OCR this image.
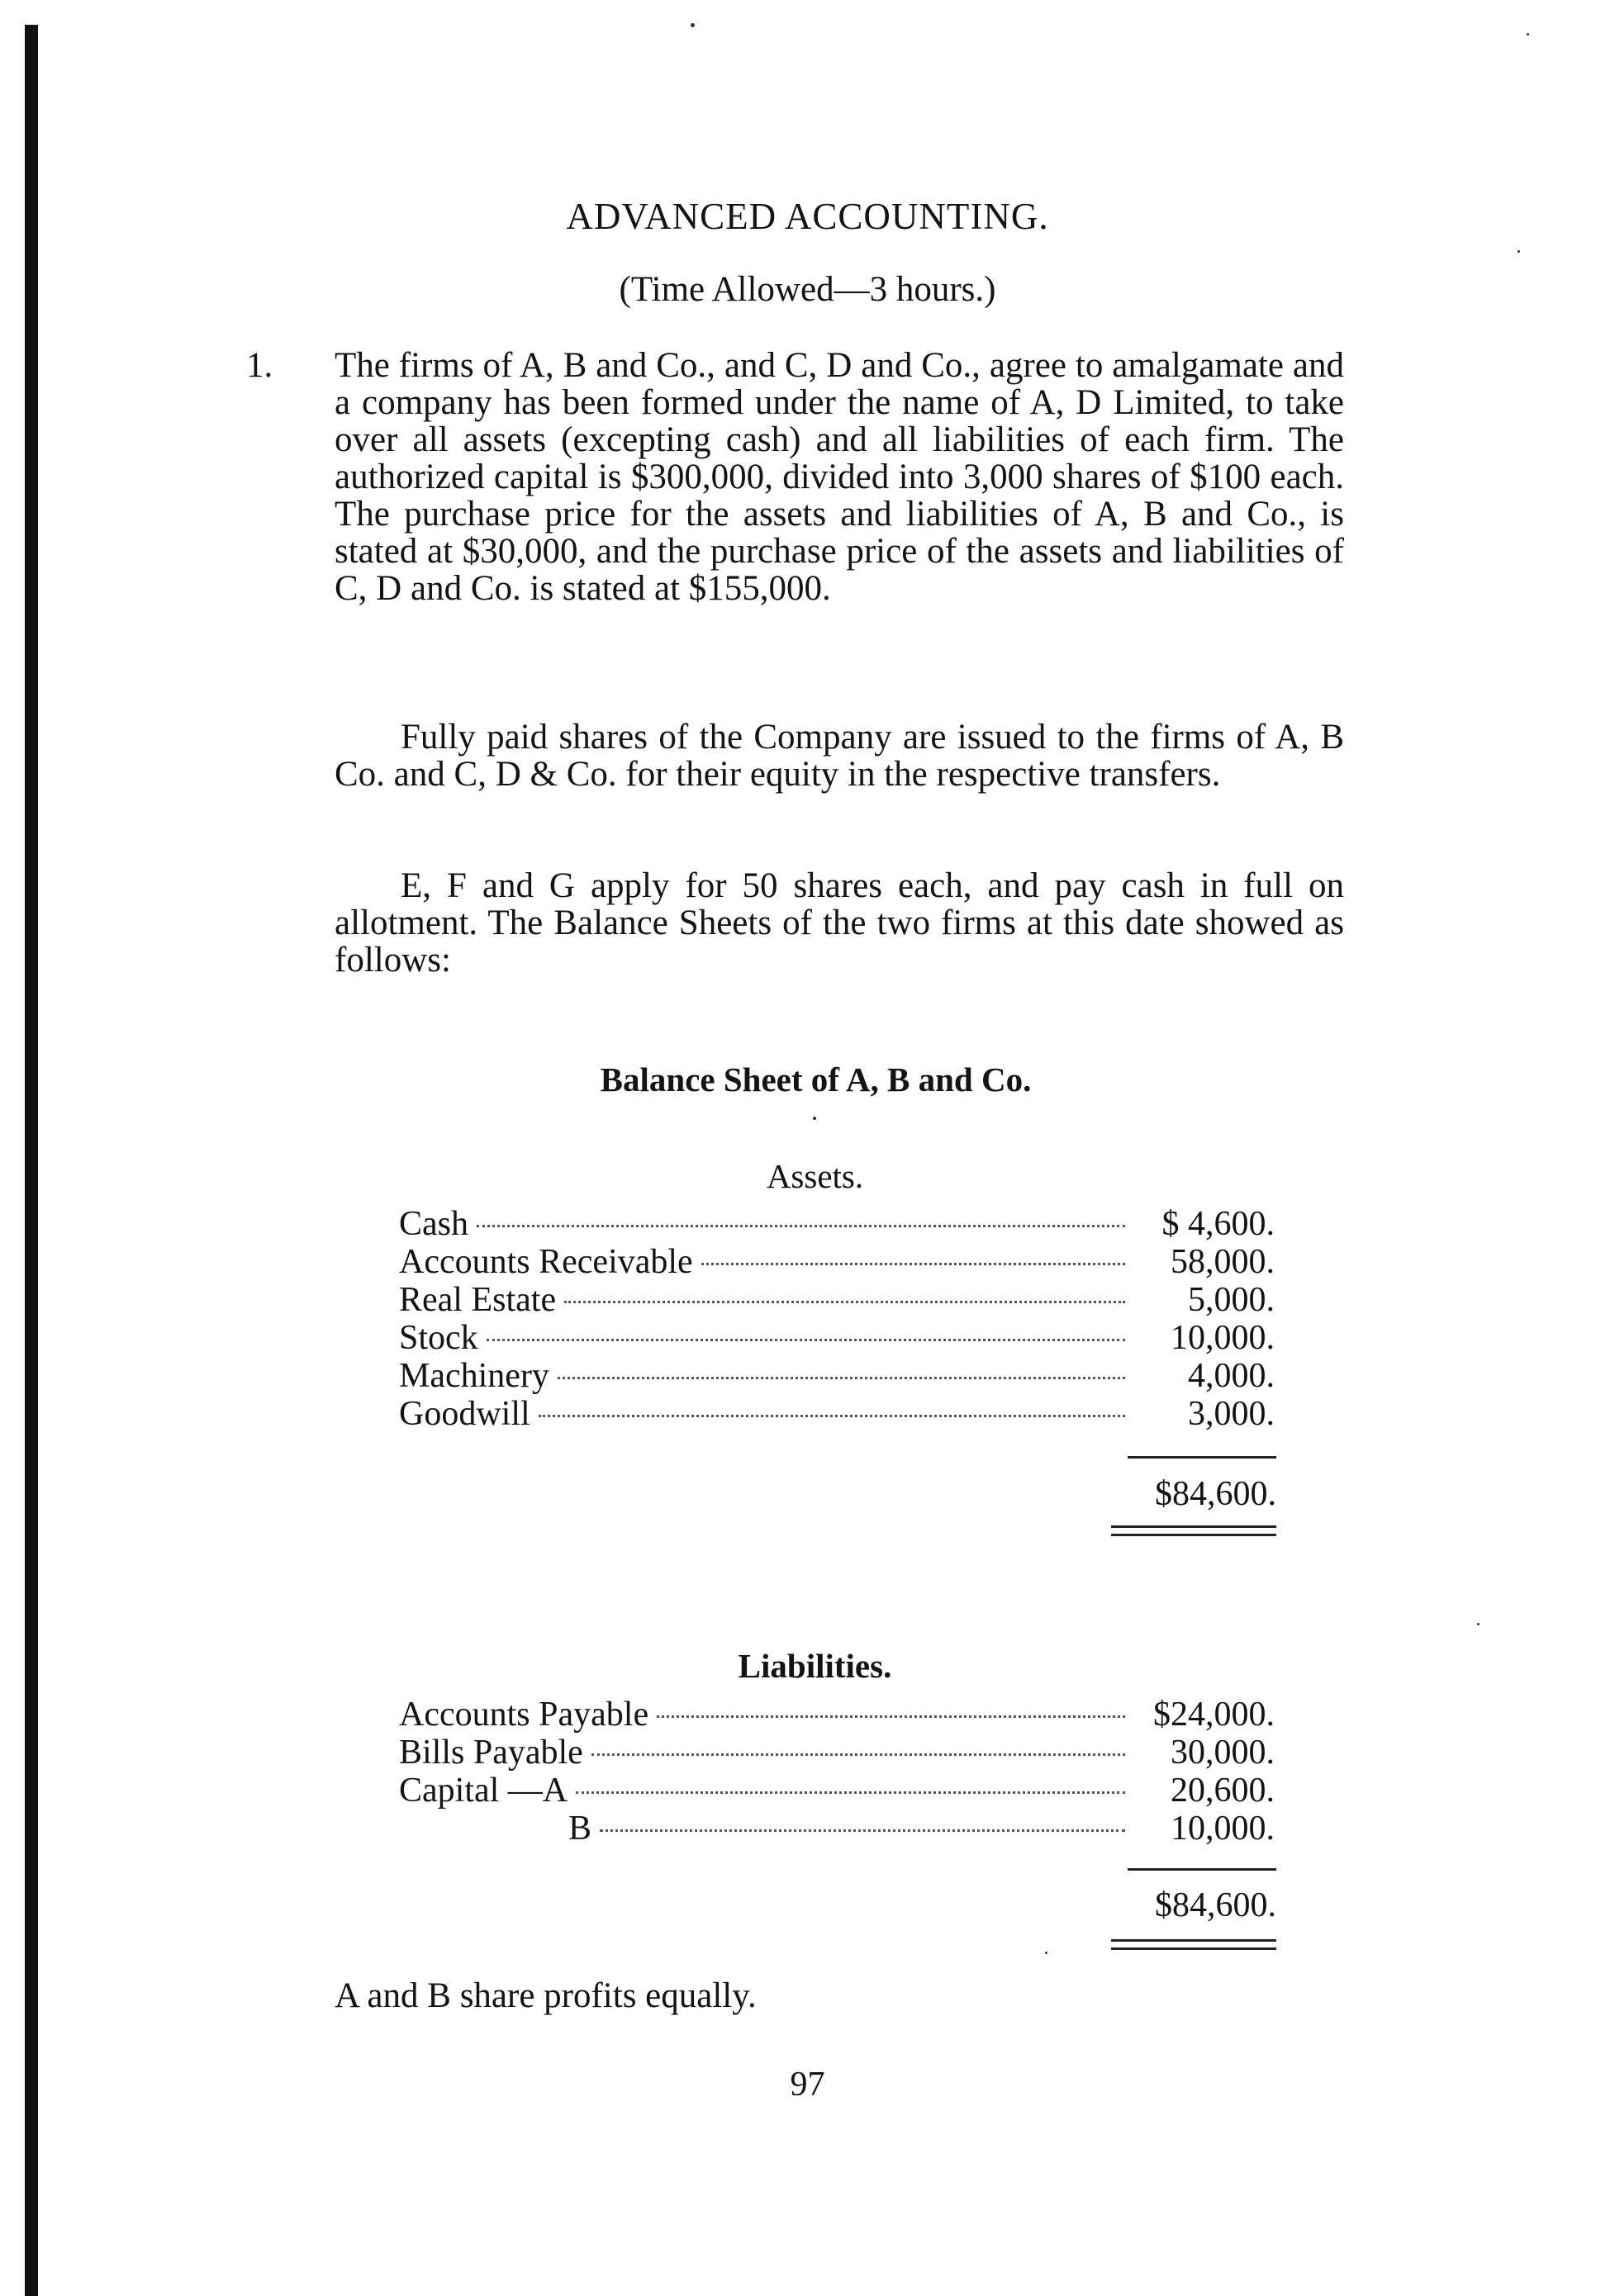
ADVANCED ACCOUNTING.
(Time Allowed—3 hours.)
1. The firms of A, B and Co., and C, D and Co., agree to amalgamate and a company has been formed under the name of A, D Limited, to take over all assets (excepting cash) and all liabilities of each firm. The authorized capital is $300,000, divided into 3,000 shares of $100 each. The purchase price for the assets and liabilities of A, B and Co., is stated at $30,000, and the purchase price of the assets and liabilities of C, D and Co. is stated at $155,000.
Fully paid shares of the Company are issued to the firms of A, B Co. and C, D & Co. for their equity in the respective transfers.
E, F and G apply for 50 shares each, and pay cash in full on allotment. The Balance Sheets of the two firms at this date showed as follows:
Balance Sheet of A, B and Co.
Assets.
Cash	$ 4,600.
Accounts Receivable	58,000.
Real Estate	5,000.
Stock	10,000.
Machinery	4,000.
Goodwill	3,000.
$84,600.
Liabilities.
Accounts Payable	$24,000.
Bills Payable	30,000.
Capital —A	20,600.
B	10,000.
$84,600.
A and B share profits equally.
97
